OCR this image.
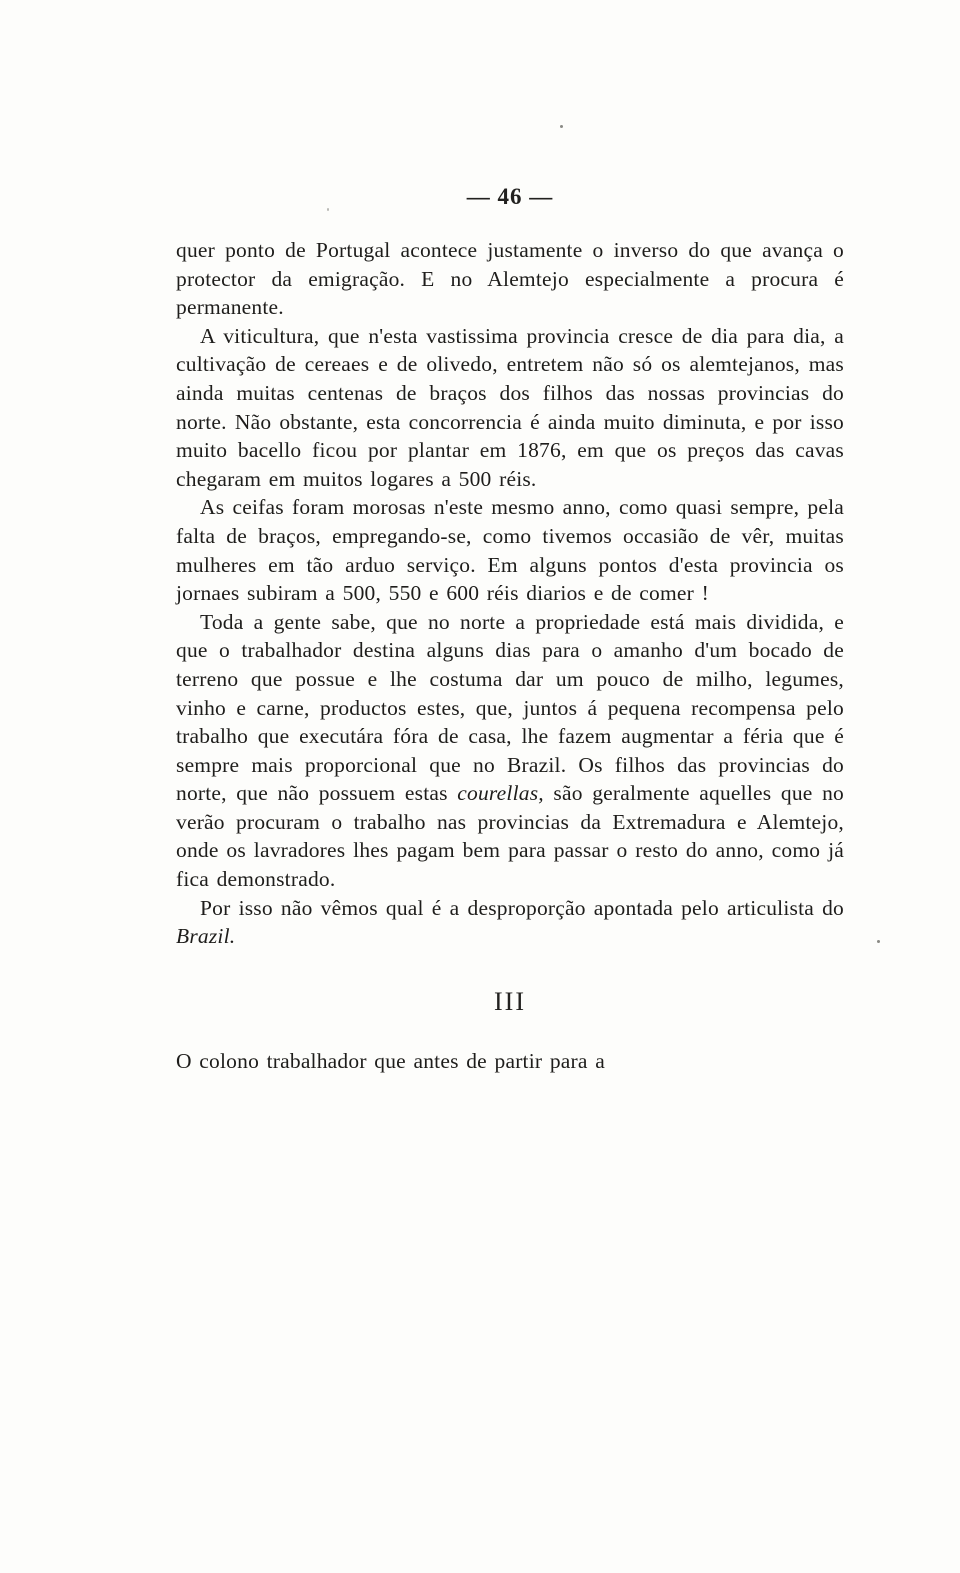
— 46 —

quer ponto de Portugal acontece justamente o inverso do que avança o protector da emigração. E no Alemtejo especialmente a procura é permanente.

A viticultura, que n'esta vastissima provincia cresce de dia para dia, a cultivação de cereaes e de olivedo, entretem não só os alemtejanos, mas ainda muitas centenas de braços dos filhos das nossas provincias do norte. Não obstante, esta concorrencia é ainda muito diminuta, e por isso muito bacello ficou por plantar em 1876, em que os preços das cavas chegaram em muitos logares a 500 réis.

As ceifas foram morosas n'este mesmo anno, como quasi sempre, pela falta de braços, empregando-se, como tivemos occasião de vêr, muitas mulheres em tão arduo serviço. Em alguns pontos d'esta provincia os jornaes subiram a 500, 550 e 600 réis diarios e de comer !

Toda a gente sabe, que no norte a propriedade está mais dividida, e que o trabalhador destina alguns dias para o amanho d'um bocado de terreno que possue e lhe costuma dar um pouco de milho, legumes, vinho e carne, productos estes, que, juntos á pequena recompensa pelo trabalho que executára fóra de casa, lhe fazem augmentar a féria que é sempre mais proporcional que no Brazil. Os filhos das provincias do norte, que não possuem estas courellas, são geralmente aquelles que no verão procuram o trabalho nas provincias da Extremadura e Alemtejo, onde os lavradores lhes pagam bem para passar o resto do anno, como já fica demonstrado.

Por isso não vêmos qual é a desproporção apontada pelo articulista do Brazil.

III

O colono trabalhador que antes de partir para a
